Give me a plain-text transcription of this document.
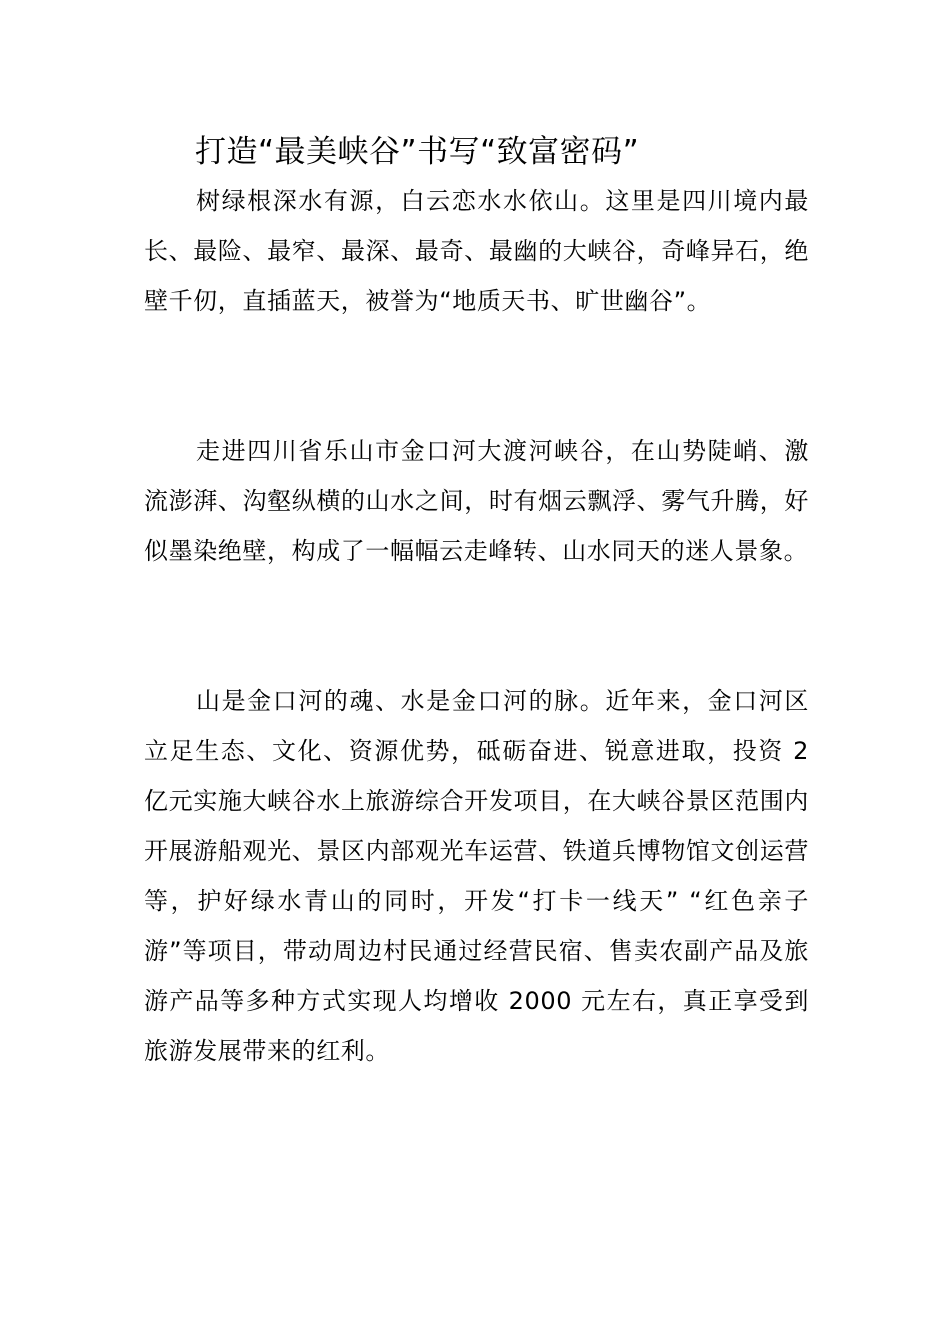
打造“最美峡谷”书写“致富密码”

树绿根深水有源，白云恋水水依山。这里是四川境内最长、最险、最窄、最深、最奇、最幽的大峡谷，奇峰异石，绝壁千仞，直插蓝天，被誉为“地质天书、旷世幽谷”。

走进四川省乐山市金口河大渡河峡谷，在山势陡峭、激流澎湃、沟壑纵横的山水之间，时有烟云飘浮、雾气升腾，好似墨染绝壁，构成了一幅幅云走峰转、山水同天的迷人景象。

山是金口河的魂、水是金口河的脉。近年来，金口河区立足生态、文化、资源优势，砥砺奋进、锐意进取，投资 2 亿元实施大峡谷水上旅游综合开发项目，在大峡谷景区范围内开展游船观光、景区内部观光车运营、铁道兵博物馆文创运营等，护好绿水青山的同时，开发“打卡一线天” “红色亲子游”等项目，带动周边村民通过经营民宿、售卖农副产品及旅游产品等多种方式实现人均增收 2000 元左右，真正享受到旅游发展带来的红利。
